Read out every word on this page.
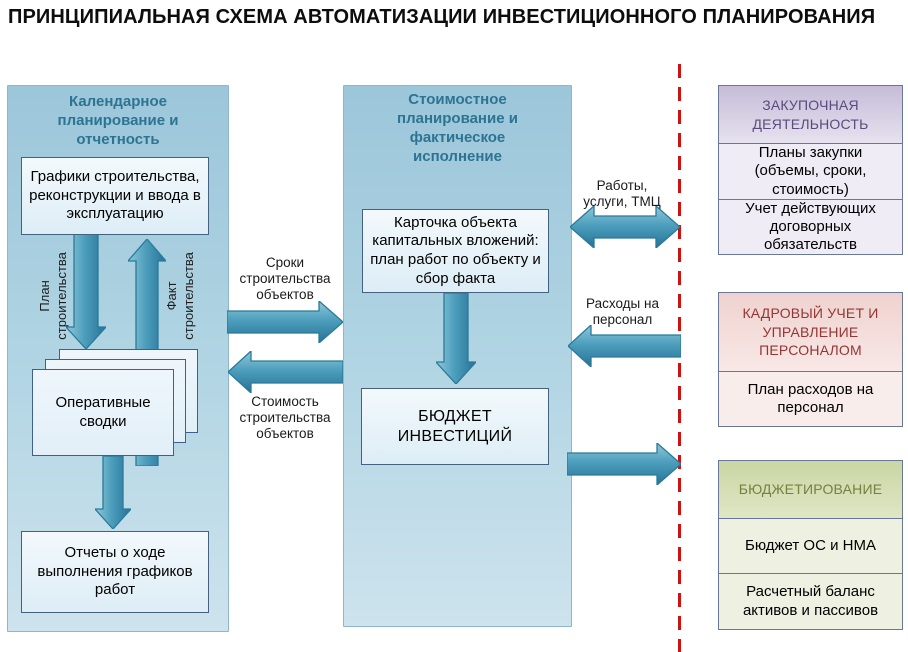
ПРИНЦИПИАЛЬНАЯ СХЕМА АВТОМАТИЗАЦИИ ИНВЕСТИЦИОННОГО ПЛАНИРОВАНИЯ
Календарное планирование и отчетность
План строительства	Факт строительства
Графики строительства, реконструкции и ввода в эксплуатацию
Оперативные сводки
Отчеты о ходе выполнения графиков работ
Сроки строительства объектов
Стоимость строительства объектов
Стоимостное планирование и фактическое исполнение
Карточка объекта капитальных вложений: план работ по объекту и сбор факта
БЮДЖЕТ ИНВЕСТИЦИЙ
Работы, услуги, ТМЦ
Расходы на персонал
ЗАКУПОЧНАЯ ДЕЯТЕЛЬНОСТЬ
Планы закупки (объемы, сроки, стоимость)
Учет действующих договорных обязательств
КАДРОВЫЙ УЧЕТ И УПРАВЛЕНИЕ ПЕРСОНАЛОМ
План расходов на персонал
БЮДЖЕТИРОВАНИЕ
Бюджет ОС и НМА
Расчетный баланс активов и пассивов
